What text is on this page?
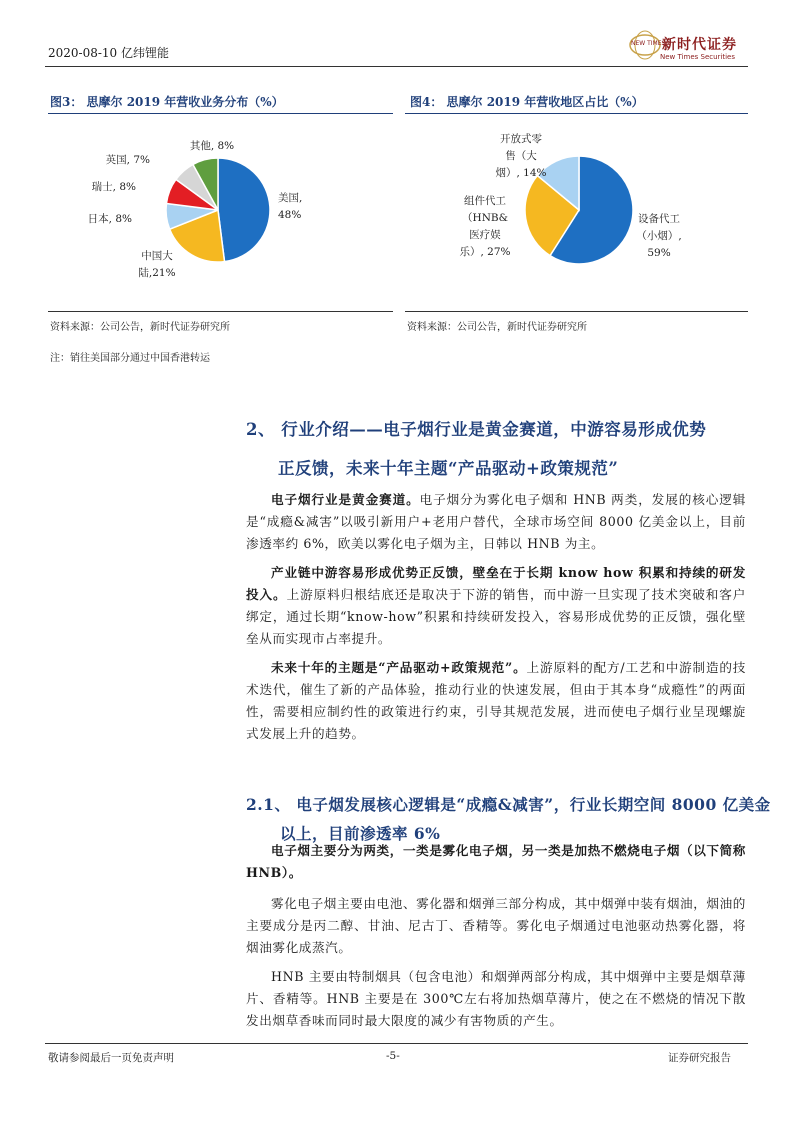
2020-08-10 亿纬锂能	新时代证券
New Times Securities
NEW TIMES
图3： 思摩尔 2019 年营收业务分布（%）
美国, 48%
中国大陆,21%
日本, 8%
瑞士, 8%
英国, 7%
其他, 8%
资料来源：公司公告，新时代证券研究所
图4： 思摩尔 2019 年营收地区占比（%）
设备代工（小烟）, 59%
组件代工（HNB&医疗娱乐）, 27%
开放式零售（大烟）, 14%
资料来源：公司公告，新时代证券研究所
注：销往美国部分通过中国香港转运
2、 行业介绍——电子烟行业是黄金赛道，中游容易形成优势
正反馈，未来十年主题“产品驱动+政策规范”
电子烟行业是黄金赛道。电子烟分为雾化电子烟和 HNB 两类，发展的核心逻辑是“成瘾&减害”以吸引新用户+老用户替代，全球市场空间 8000 亿美金以上，目前渗透率约 6%，欧美以雾化电子烟为主，日韩以 HNB 为主。
产业链中游容易形成优势正反馈，壁垒在于长期 know how 积累和持续的研发投入。上游原料归根结底还是取决于下游的销售，而中游一旦实现了技术突破和客户绑定，通过长期“know-how”积累和持续研发投入，容易形成优势的正反馈，强化壁垒从而实现市占率提升。
未来十年的主题是“产品驱动+政策规范”。上游原料的配方/工艺和中游制造的技术迭代，催生了新的产品体验，推动行业的快速发展，但由于其本身“成瘾性”的两面性，需要相应制约性的政策进行约束，引导其规范发展，进而使电子烟行业呈现螺旋式发展上升的趋势。
2.1、 电子烟发展核心逻辑是“成瘾&减害”，行业长期空间 8000 亿美金
以上，目前渗透率 6%
电子烟主要分为两类，一类是雾化电子烟，另一类是加热不燃烧电子烟（以下简称 HNB）。
雾化电子烟主要由电池、雾化器和烟弹三部分构成，其中烟弹中装有烟油，烟油的主要成分是丙二醇、甘油、尼古丁、香精等。雾化电子烟通过电池驱动热雾化器，将烟油雾化成蒸汽。
HNB 主要由特制烟具（包含电池）和烟弹两部分构成，其中烟弹中主要是烟草薄片、香精等。HNB 主要是在 300℃左右将加热烟草薄片，使之在不燃烧的情况下散发出烟草香味而同时最大限度的减少有害物质的产生。
敬请参阅最后一页免责声明	-5-	证券研究报告
